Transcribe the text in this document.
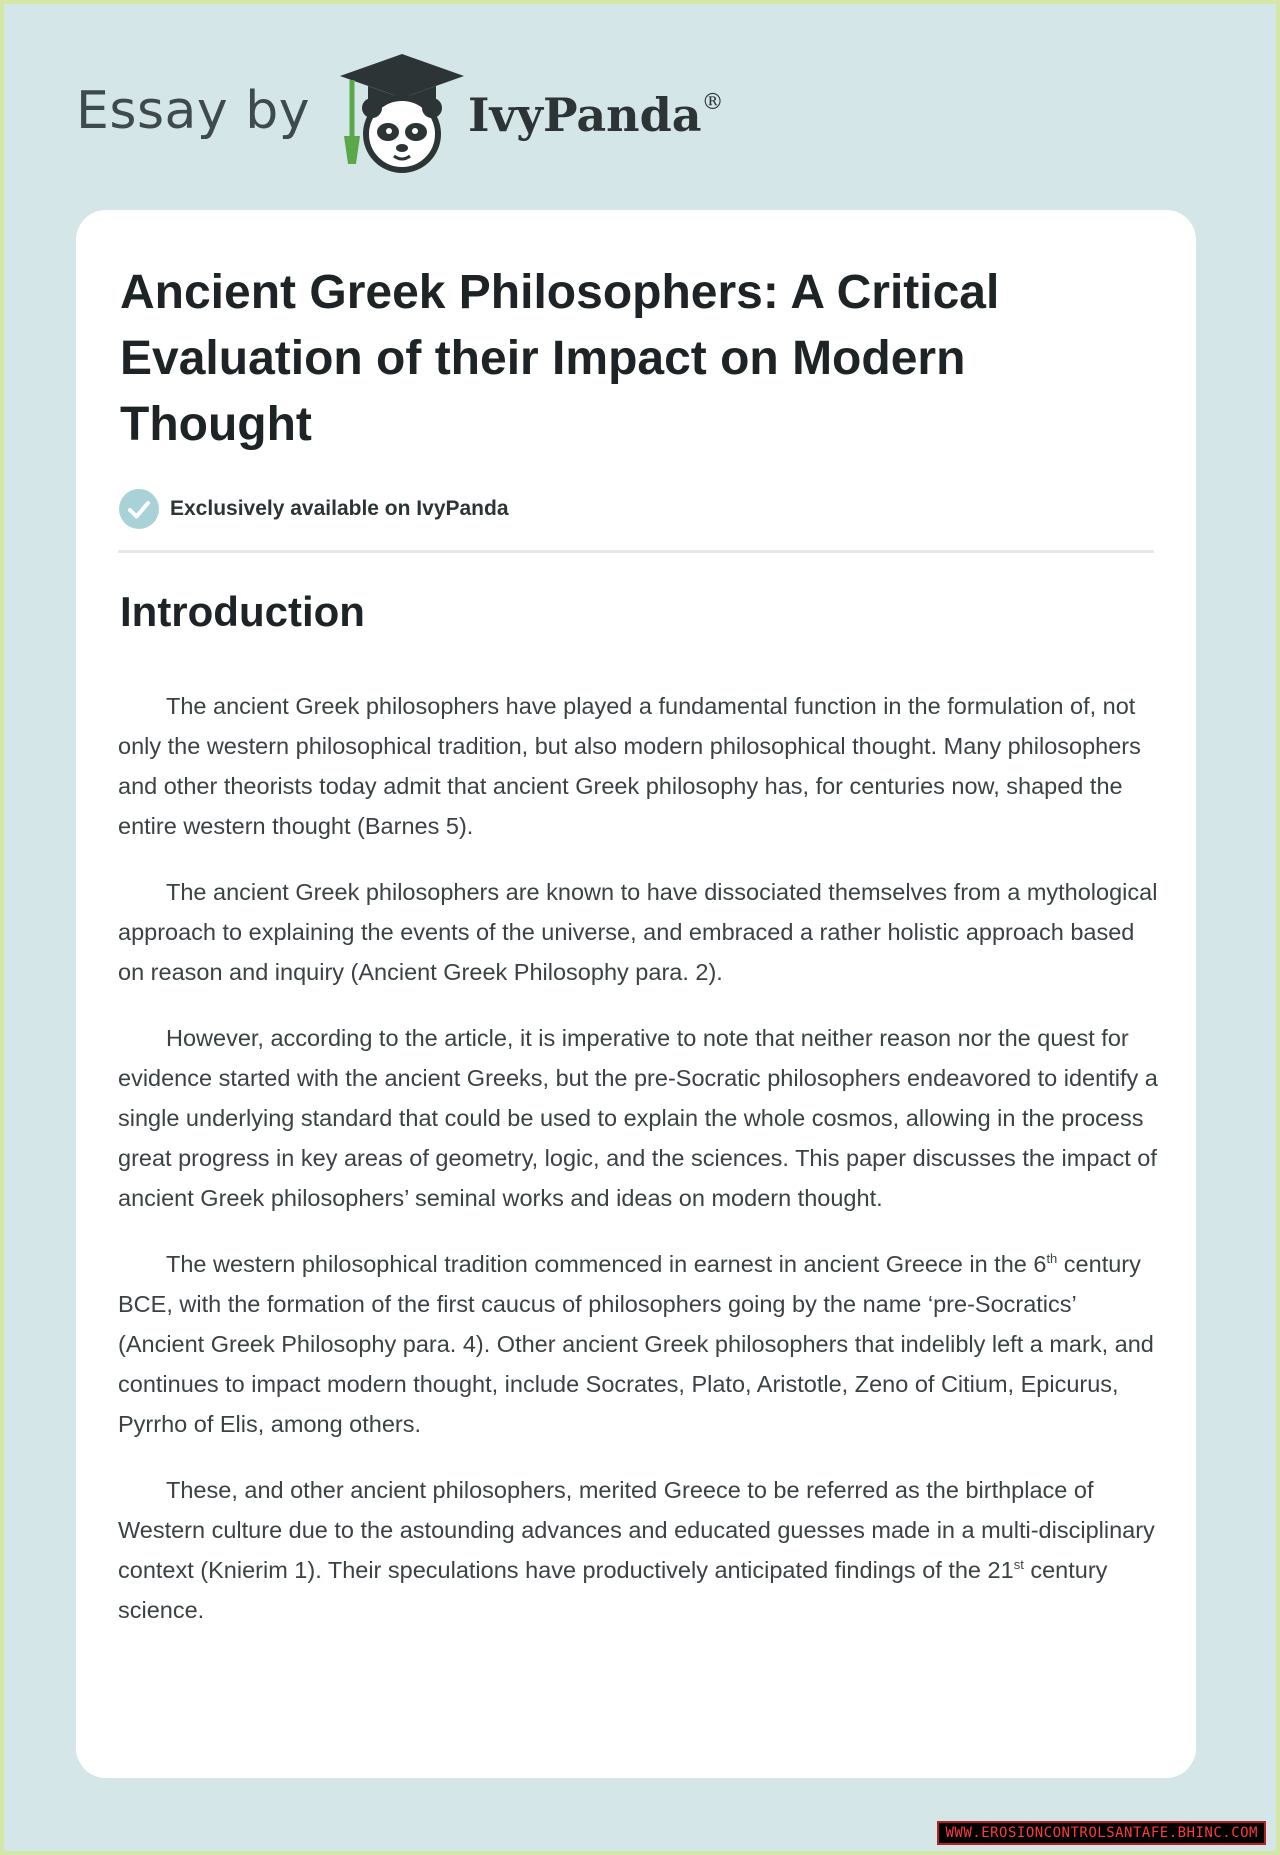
Essay by	IvyPanda®
Ancient Greek Philosophers: A Critical Evaluation of their Impact on Modern Thought
Exclusively available on IvyPanda
Introduction

The ancient Greek philosophers have played a fundamental function in the formulation of, not only the western philosophical tradition, but also modern philosophical thought. Many philosophers and other theorists today admit that ancient Greek philosophy has, for centuries now, shaped the entire western thought (Barnes 5).

The ancient Greek philosophers are known to have dissociated themselves from a mythological approach to explaining the events of the universe, and embraced a rather holistic approach based on reason and inquiry (Ancient Greek Philosophy para. 2).

However, according to the article, it is imperative to note that neither reason nor the quest for evidence started with the ancient Greeks, but the pre-Socratic philosophers endeavored to identify a single underlying standard that could be used to explain the whole cosmos, allowing in the process great progress in key areas of geometry, logic, and the sciences. This paper discusses the impact of ancient Greek philosophers’ seminal works and ideas on modern thought.

The western philosophical tradition commenced in earnest in ancient Greece in the 6th century BCE, with the formation of the first caucus of philosophers going by the name ‘pre-Socratics’ (Ancient Greek Philosophy para. 4). Other ancient Greek philosophers that indelibly left a mark, and continues to impact modern thought, include Socrates, Plato, Aristotle, Zeno of Citium, Epicurus, Pyrrho of Elis, among others.

These, and other ancient philosophers, merited Greece to be referred as the birthplace of Western culture due to the astounding advances and educated guesses made in a multi-disciplinary context (Knierim 1). Their speculations have productively anticipated findings of the 21st century science.

WWW.EROSIONCONTROLSANTAFE.BHINC.COM
